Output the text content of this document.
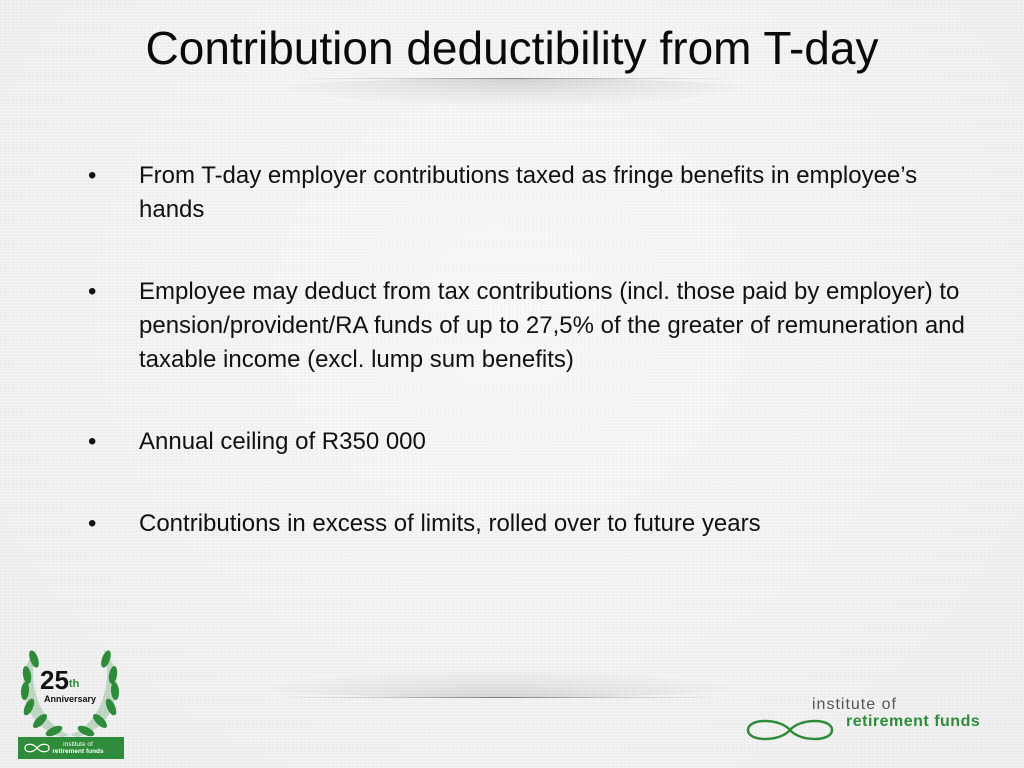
Contribution deductibility from T-day
• From T-day employer contributions taxed as fringe benefits in employee’s hands
• Employee may deduct from tax contributions (incl. those paid by employer) to pension/provident/RA funds of up to 27,5% of the greater of remuneration and taxable income (excl. lump sum benefits)
• Annual ceiling of R350 000
• Contributions in excess of limits, rolled over to future years
25th
Anniversary
institute of
retirement funds
institute of
retirement funds
